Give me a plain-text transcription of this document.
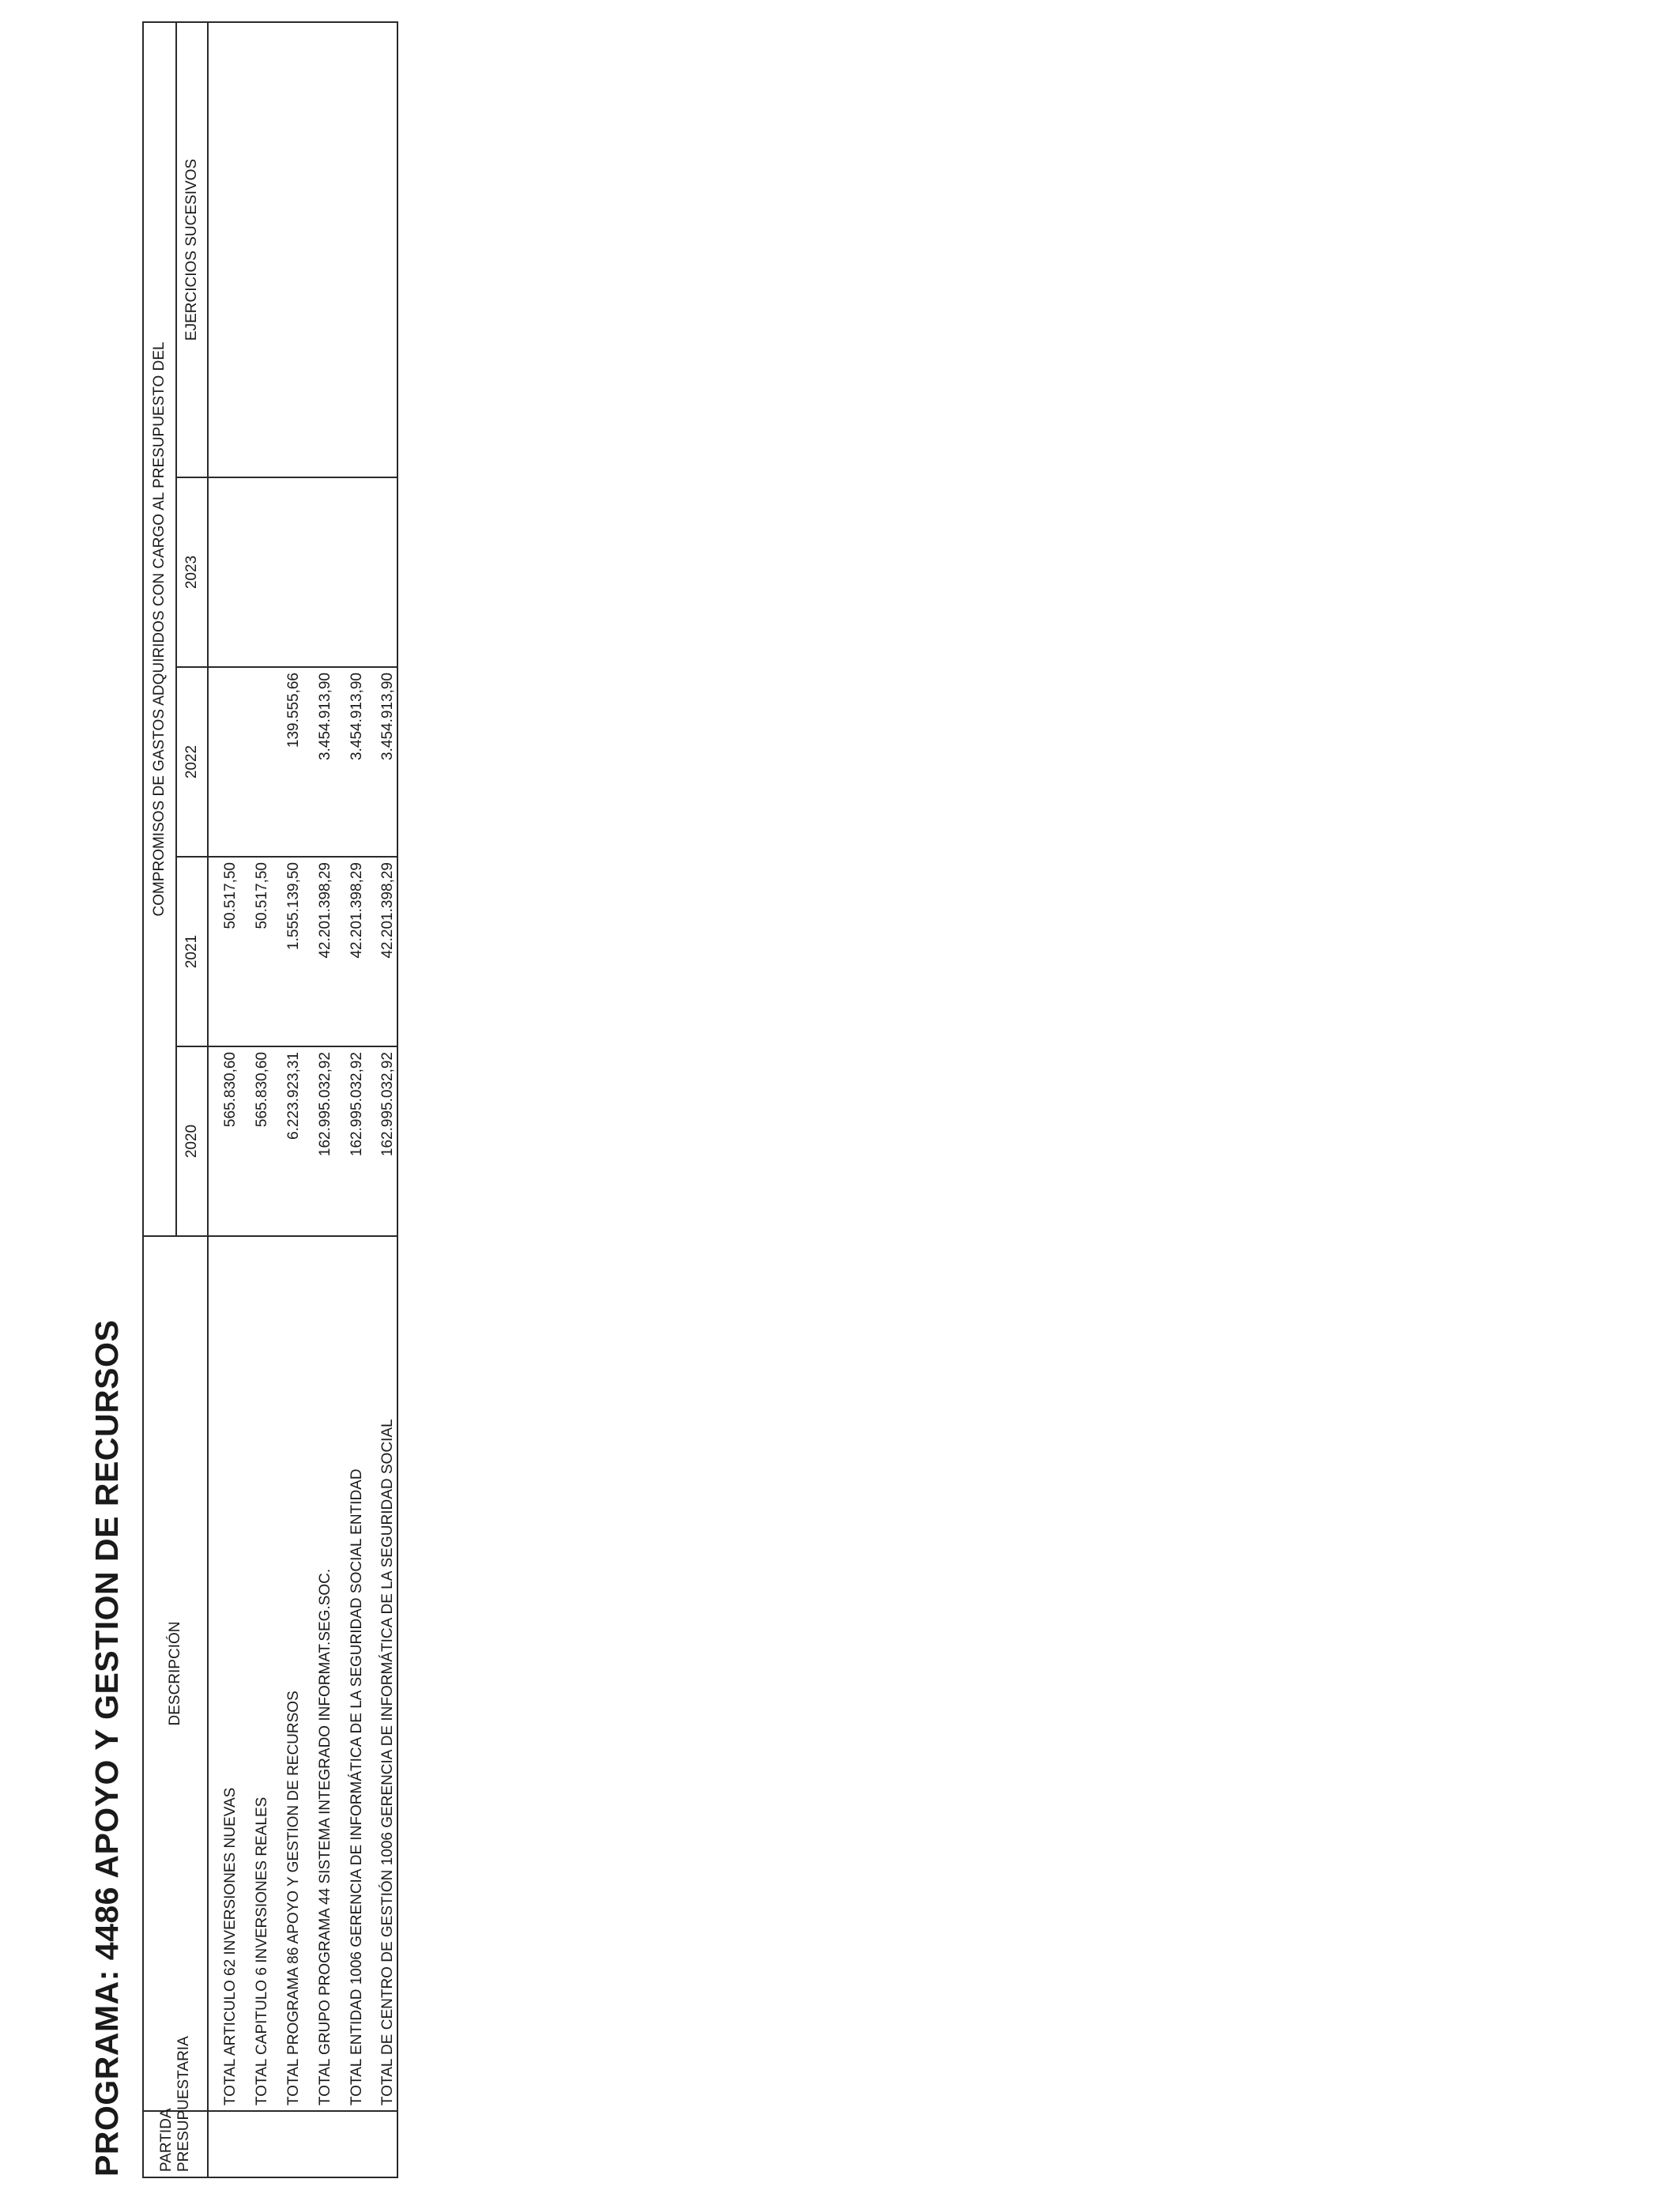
PROGRAMA: 4486 APOYO Y GESTION DE RECURSOS PARTIDA PRESUPUESTARIA	DESCRIPCIÓN	COMPROMISOS DE GASTOS ADQUIRIDOS CON CARGO AL PRESUPUESTO DEL				
		2020	2021	2022	2023	EJERCICIOS SUCESIVOS
	TOTAL ARTICULO 62 INVERSIONES NUEVAS	565.830,60	50.517,50			
	TOTAL CAPITULO 6 INVERSIONES REALES	565.830,60	50.517,50			
	TOTAL PROGRAMA 86 APOYO Y GESTION DE RECURSOS	6.223.923,31	1.555.139,50	139.555,66		
	TOTAL GRUPO PROGRAMA 44 SISTEMA INTEGRADO INFORMAT.SEG.SOC.	162.995.032,92	42.201.398,29	3.454.913,90		
	TOTAL ENTIDAD 1006 GERENCIA DE INFORMÁTICA DE LA SEGURIDAD SOCIAL ENTIDAD	162.995.032,92	42.201.398,29	3.454.913,90		
	TOTAL DE CENTRO DE GESTIÓN 1006 GERENCIA DE INFORMÁTICA DE LA SEGURIDAD SOCIAL	162.995.032,92	42.201.398,29	3.454.913,90		
